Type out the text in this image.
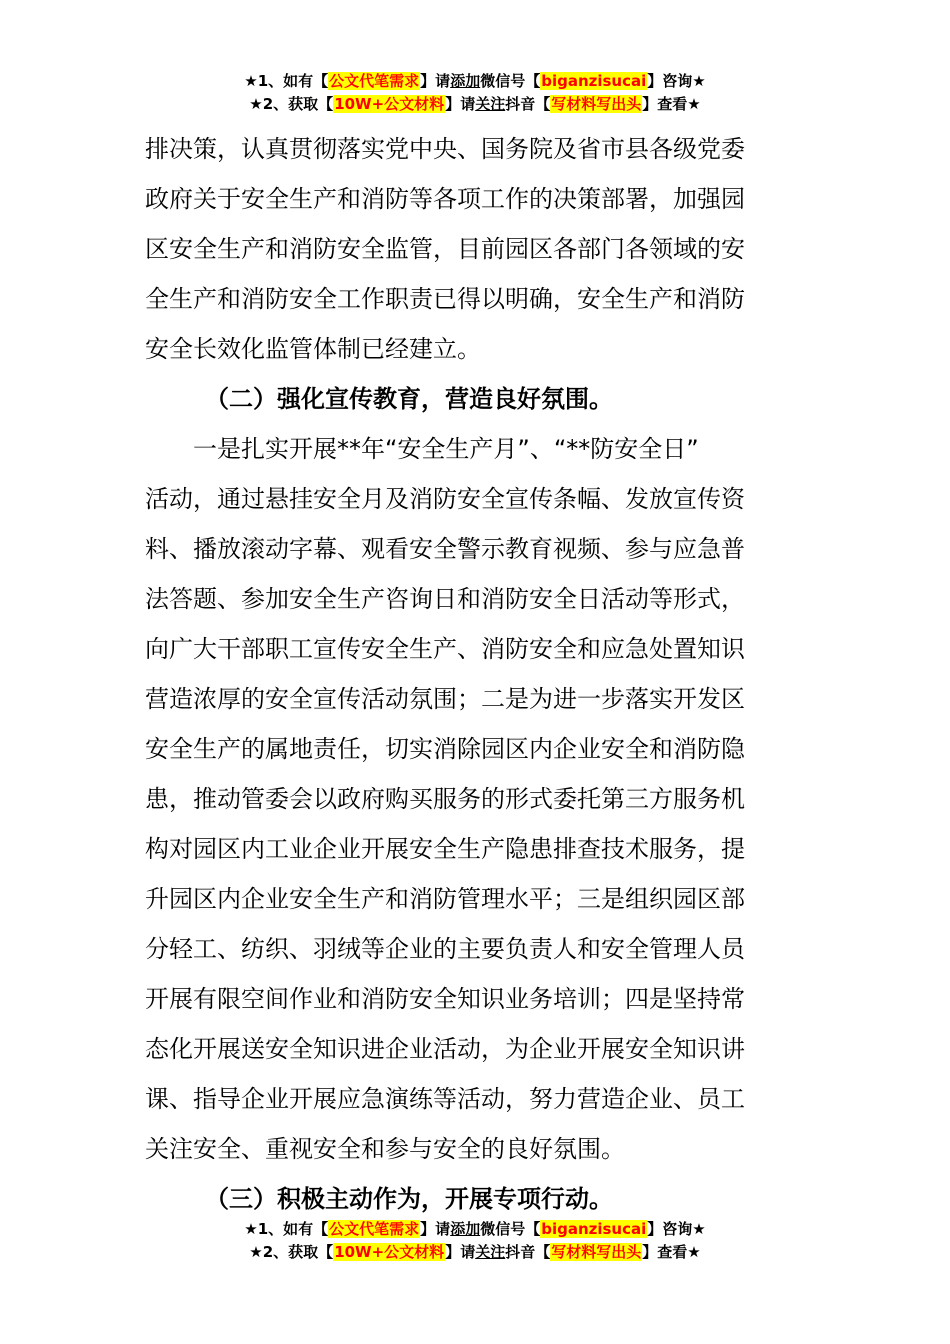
★1、如有【公文代笔需求】请添加微信号【biganzisucai】咨询★
★2、获取【10W+公文材料】请关注抖音【写材料写出头】查看★
排决策，认真贯彻落实党中央、国务院及省市县各级党委
政府关于安全生产和消防等各项工作的决策部署，加强园
区安全生产和消防安全监管，目前园区各部门各领域的安
全生产和消防安全工作职责已得以明确，安全生产和消防
安全长效化监管体制已经建立。
（二）强化宣传教育，营造良好氛围。
一是扎实开展**年“安全生产月”、“**防安全日”
活动，通过悬挂安全月及消防安全宣传条幅、发放宣传资
料、播放滚动字幕、观看安全警示教育视频、参与应急普
法答题、参加安全生产咨询日和消防安全日活动等形式，
向广大干部职工宣传安全生产、消防安全和应急处置知识
营造浓厚的安全宣传活动氛围；二是为进一步落实开发区
安全生产的属地责任，切实消除园区内企业安全和消防隐
患，推动管委会以政府购买服务的形式委托第三方服务机
构对园区内工业企业开展安全生产隐患排查技术服务，提
升园区内企业安全生产和消防管理水平；三是组织园区部
分轻工、纺织、羽绒等企业的主要负责人和安全管理人员
开展有限空间作业和消防安全知识业务培训；四是坚持常
态化开展送安全知识进企业活动，为企业开展安全知识讲
课、指导企业开展应急演练等活动，努力营造企业、员工
关注安全、重视安全和参与安全的良好氛围。
（三）积极主动作为，开展专项行动。
★1、如有【公文代笔需求】请添加微信号【biganzisucai】咨询★
★2、获取【10W+公文材料】请关注抖音【写材料写出头】查看★
